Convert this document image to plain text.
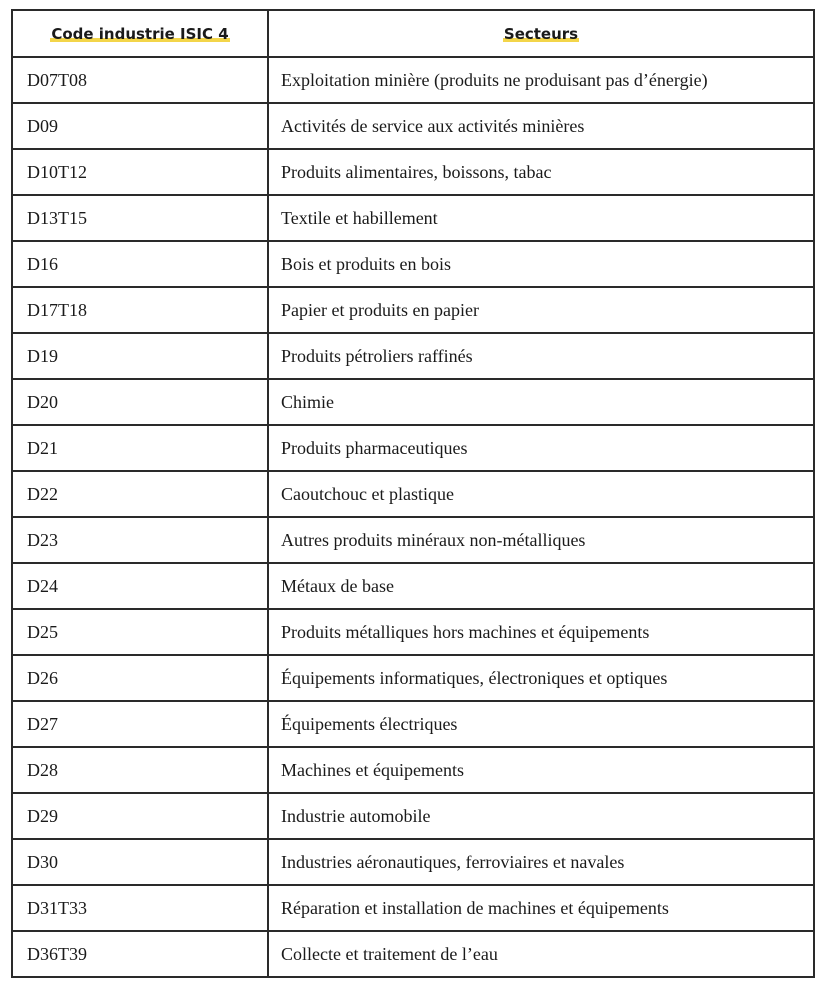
Code industrie ISIC 4	Secteurs
D07T08	Exploitation minière (produits ne produisant pas d’énergie)
D09	Activités de service aux activités minières
D10T12	Produits alimentaires, boissons, tabac
D13T15	Textile et habillement
D16	Bois et produits en bois
D17T18	Papier et produits en papier
D19	Produits pétroliers raffinés
D20	Chimie
D21	Produits pharmaceutiques
D22	Caoutchouc et plastique
D23	Autres produits minéraux non-métalliques
D24	Métaux de base
D25	Produits métalliques hors machines et équipements
D26	Équipements informatiques, électroniques et optiques
D27	Équipements électriques
D28	Machines et équipements
D29	Industrie automobile
D30	Industries aéronautiques, ferroviaires et navales
D31T33	Réparation et installation de machines et équipements
D36T39	Collecte et traitement de l’eau
